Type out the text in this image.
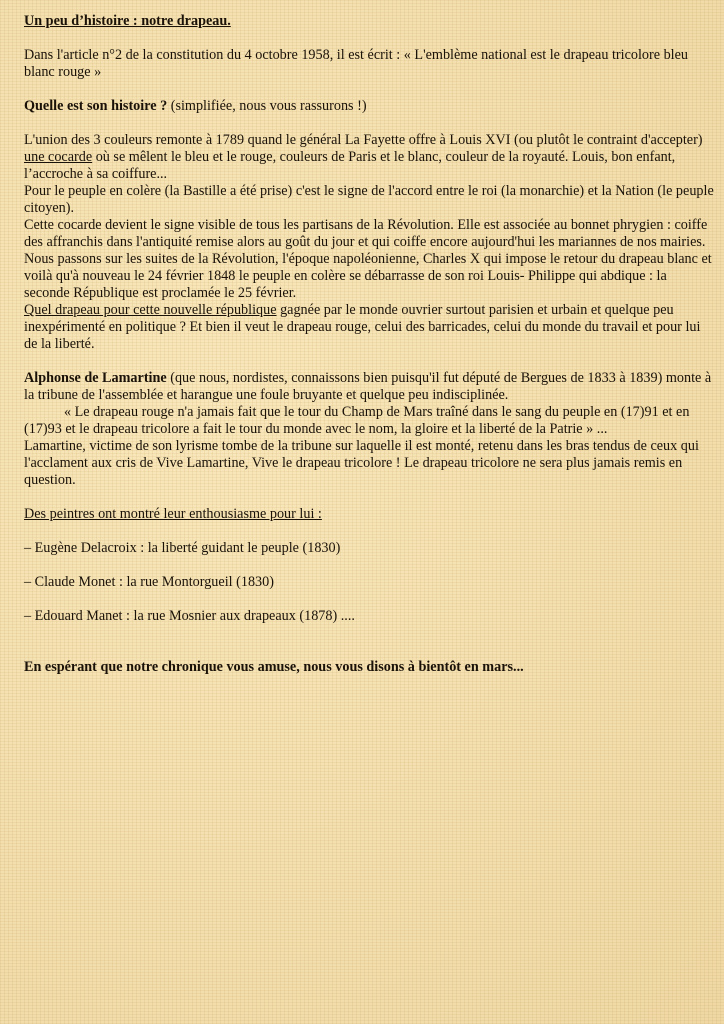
Un peu d’histoire : notre drapeau.

Dans l'article n°2 de la constitution du 4 octobre 1958, il est écrit : « L'emblème national est le drapeau tricolore bleu blanc rouge »

Quelle est son histoire ? (simplifiée, nous vous rassurons !)

L'union des 3 couleurs remonte à 1789 quand le général La Fayette offre à Louis XVI (ou plutôt le contraint d'accepter) une cocarde où se mêlent le bleu et le rouge, couleurs de Paris et le blanc, couleur de la royauté. Louis, bon enfant, l’accroche à sa coiffure...

Pour le peuple en colère (la Bastille a été prise) c'est le signe de l'accord entre le roi (la monarchie) et la Nation (le peuple citoyen).

Cette cocarde devient le signe visible de tous les partisans de la Révolution. Elle est associée au bonnet phrygien : coiffe des affranchis dans l'antiquité remise alors au goût du jour et qui coiffe encore aujourd'hui les mariannes de nos mairies.

Nous passons sur les suites de la Révolution, l'époque napoléonienne, Charles X qui impose le retour du drapeau blanc et voilà qu'à nouveau le 24 février 1848 le peuple en colère se débarrasse de son roi Louis- Philippe qui abdique : la seconde République est proclamée le 25 février.

Quel drapeau pour cette nouvelle république gagnée par le monde ouvrier surtout parisien et urbain et quelque peu inexpérimenté en politique ? Et bien il veut le drapeau rouge, celui des barricades, celui du monde du travail et pour lui de la liberté.

Alphonse de Lamartine (que nous, nordistes, connaissons bien puisqu'il fut député de Bergues de 1833 à 1839) monte à la tribune de l'assemblée et harangue une foule bruyante et quelque peu indisciplinée.

« Le drapeau rouge n'a jamais fait que le tour du Champ de Mars traîné dans le sang du peuple en (17)91 et en (17)93 et le drapeau tricolore a fait le tour du monde avec le nom, la gloire et la liberté de la Patrie » ...

Lamartine, victime de son lyrisme tombe de la tribune sur laquelle il est monté, retenu dans les bras tendus de ceux qui l'acclament aux cris de Vive Lamartine, Vive le drapeau tricolore ! Le drapeau tricolore ne sera plus jamais remis en question.

Des peintres ont montré leur enthousiasme pour lui :

– Eugène Delacroix : la liberté guidant le peuple (1830)

– Claude Monet : la rue Montorgueil (1830)

– Edouard Manet : la rue Mosnier aux drapeaux (1878) ....

En espérant que notre chronique vous amuse, nous vous disons à bientôt en mars...
